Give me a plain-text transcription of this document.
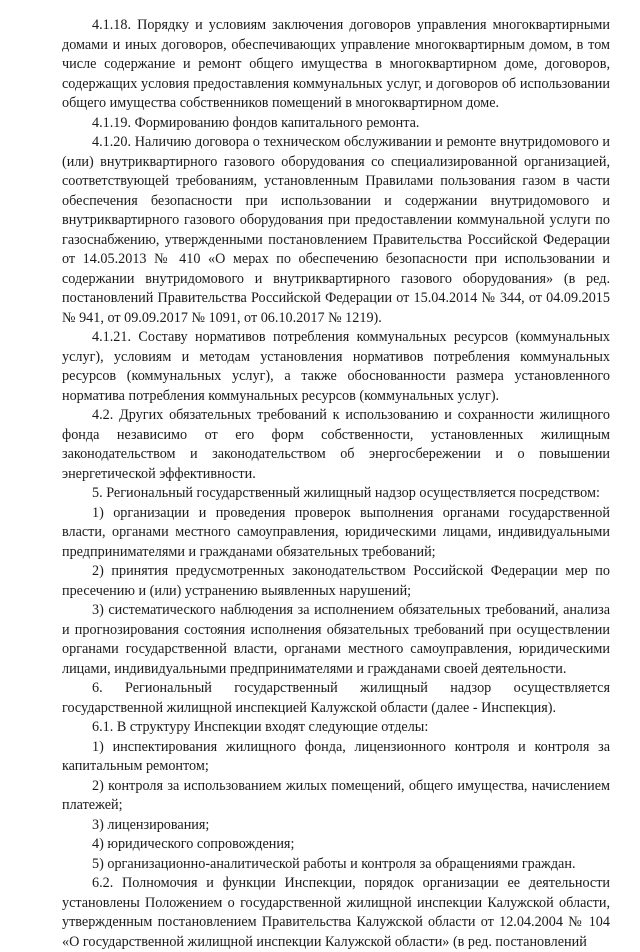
4.1.18. Порядку и условиям заключения договоров управления многоквартирными домами и иных договоров, обеспечивающих управление многоквартирным домом, в том числе содержание и ремонт общего имущества в многоквартирном доме, договоров, содержащих условия предоставления коммунальных услуг, и договоров об использовании общего имущества собственников помещений в многоквартирном доме.

4.1.19. Формированию фондов капитального ремонта.

4.1.20. Наличию договора о техническом обслуживании и ремонте внутридомового и (или) внутриквартирного газового оборудования со специализированной организацией, соответствующей требованиям, установленным Правилами пользования газом в части обеспечения безопасности при использовании и содержании внутридомового и внутриквартирного газового оборудования при предоставлении коммунальной услуги по газоснабжению, утвержденными постановлением Правительства Российской Федерации от 14.05.2013 № 410 «О мерах по обеспечению безопасности при использовании и содержании внутридомового и внутриквартирного газового оборудования» (в ред. постановлений Правительства Российской Федерации от 15.04.2014 № 344, от 04.09.2015 № 941, от 09.09.2017 № 1091, от 06.10.2017 № 1219).

4.1.21. Составу нормативов потребления коммунальных ресурсов (коммунальных услуг), условиям и методам установления нормативов потребления коммунальных ресурсов (коммунальных услуг), а также обоснованности размера установленного норматива потребления коммунальных ресурсов (коммунальных услуг).

4.2. Других обязательных требований к использованию и сохранности жилищного фонда независимо от его форм собственности, установленных жилищным законодательством и законодательством об энергосбережении и о повышении энергетической эффективности.

5. Региональный государственный жилищный надзор осуществляется посредством:

1) организации и проведения проверок выполнения органами государственной власти, органами местного самоуправления, юридическими лицами, индивидуальными предпринимателями и гражданами обязательных требований;

2) принятия предусмотренных законодательством Российской Федерации мер по пресечению и (или) устранению выявленных нарушений;

3) систематического наблюдения за исполнением обязательных требований, анализа и прогнозирования состояния исполнения обязательных требований при осуществлении органами государственной власти, органами местного самоуправления, юридическими лицами, индивидуальными предпринимателями и гражданами своей деятельности.

6. Региональный государственный жилищный надзор осуществляется государственной жилищной инспекцией Калужской области (далее - Инспекция).

6.1. В структуру Инспекции входят следующие отделы:

1) инспектирования жилищного фонда, лицензионного контроля и контроля за капитальным ремонтом;

2) контроля за использованием жилых помещений, общего имущества, начислением платежей;

3) лицензирования;

4) юридического сопровождения;

5) организационно-аналитической работы и контроля за обращениями граждан.

6.2. Полномочия и функции Инспекции, порядок организации ее деятельности установлены Положением о государственной жилищной инспекции Калужской области, утвержденным постановлением Правительства Калужской области от 12.04.2004 № 104 «О государственной жилищной инспекции Калужской области» (в ред. постановлений
